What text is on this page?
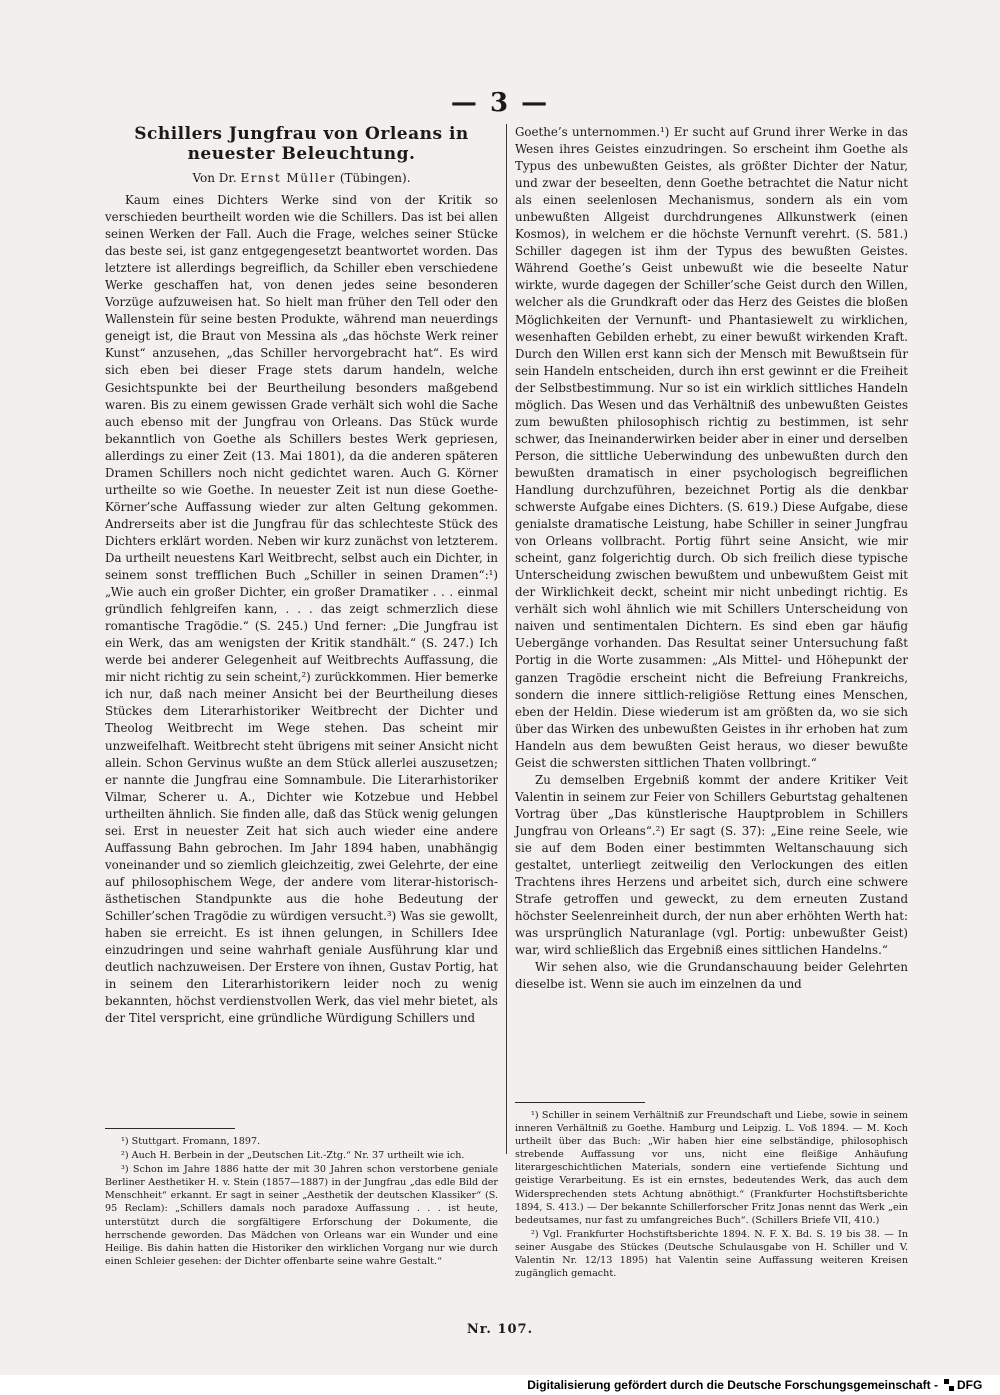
— 3 —
Schillers Jungfrau von Orleans in neuester Beleuchtung.
Von Dr. Ernst Müller (Tübingen).

Kaum eines Dichters Werke sind von der Kritik so verschieden beurtheilt worden wie die Schillers. Das ist bei allen seinen Werken der Fall. Auch die Frage, welches seiner Stücke das beste sei, ist ganz entgegengesetzt beantwortet worden. Das letztere ist allerdings begreiflich, da Schiller eben verschiedene Werke geschaffen hat, von denen jedes seine besonderen Vorzüge aufzuweisen hat. So hielt man früher den Tell oder den Wallenstein für seine besten Produkte, während man neuerdings geneigt ist, die Braut von Messina als „das höchste Werk reiner Kunst“ anzusehen, „das Schiller hervorgebracht hat“. Es wird sich eben bei dieser Frage stets darum handeln, welche Gesichtspunkte bei der Beurtheilung besonders maßgebend waren. Bis zu einem gewissen Grade verhält sich wohl die Sache auch ebenso mit der Jungfrau von Orleans. Das Stück wurde bekanntlich von Goethe als Schillers bestes Werk gepriesen, allerdings zu einer Zeit (13. Mai 1801), da die anderen späteren Dramen Schillers noch nicht gedichtet waren. Auch G. Körner urtheilte so wie Goethe. In neuester Zeit ist nun diese Goethe-Körner’sche Auffassung wieder zur alten Geltung gekommen. Andrerseits aber ist die Jungfrau für das schlechteste Stück des Dichters erklärt worden. Neben wir kurz zunächst von letzterem. Da urtheilt neuestens Karl Weitbrecht, selbst auch ein Dichter, in seinem sonst trefflichen Buch „Schiller in seinen Dramen“:¹) „Wie auch ein großer Dichter, ein großer Dramatiker . . . einmal gründlich fehlgreifen kann, . . . das zeigt schmerzlich diese romantische Tragödie.“ (S. 245.) Und ferner: „Die Jungfrau ist ein Werk, das am wenigsten der Kritik standhält.“ (S. 247.) Ich werde bei anderer Gelegenheit auf Weitbrechts Auffassung, die mir nicht richtig zu sein scheint,²) zurückkommen. Hier bemerke ich nur, daß nach meiner Ansicht bei der Beurtheilung dieses Stückes dem Literarhistoriker Weitbrecht der Dichter und Theolog Weitbrecht im Wege stehen. Das scheint mir unzweifelhaft. Weitbrecht steht übrigens mit seiner Ansicht nicht allein. Schon Gervinus wußte an dem Stück allerlei auszusetzen; er nannte die Jungfrau eine Somnambule. Die Literarhistoriker Vilmar, Scherer u. A., Dichter wie Kotzebue und Hebbel urtheilten ähnlich. Sie finden alle, daß das Stück wenig gelungen sei. Erst in neuester Zeit hat sich auch wieder eine andere Auffassung Bahn gebrochen. Im Jahr 1894 haben, unabhängig voneinander und so ziemlich gleichzeitig, zwei Gelehrte, der eine auf philosophischem Wege, der andere vom literar-historisch-ästhetischen Standpunkte aus die hohe Bedeutung der Schiller’schen Tragödie zu würdigen versucht.³) Was sie gewollt, haben sie erreicht. Es ist ihnen gelungen, in Schillers Idee einzudringen und seine wahrhaft geniale Ausführung klar und deutlich nachzuweisen. Der Erstere von ihnen, Gustav Portig, hat in seinem den Literarhistorikern leider noch zu wenig bekannten, höchst verdienstvollen Werk, das viel mehr bietet, als der Titel verspricht, eine gründliche Würdigung Schillers und

Goethe’s unternommen.¹) Er sucht auf Grund ihrer Werke in das Wesen ihres Geistes einzudringen. So erscheint ihm Goethe als Typus des unbewußten Geistes, als größter Dichter der Natur, und zwar der beseelten, denn Goethe betrachtet die Natur nicht als einen seelenlosen Mechanismus, sondern als ein vom unbewußten Allgeist durchdrungenes Allkunstwerk (einen Kosmos), in welchem er die höchste Vernunft verehrt. (S. 581.) Schiller dagegen ist ihm der Typus des bewußten Geistes. Während Goethe’s Geist unbewußt wie die beseelte Natur wirkte, wurde dagegen der Schiller’sche Geist durch den Willen, welcher als die Grundkraft oder das Herz des Geistes die bloßen Möglichkeiten der Vernunft- und Phantasiewelt zu wirklichen, wesenhaften Gebilden erhebt, zu einer bewußt wirkenden Kraft. Durch den Willen erst kann sich der Mensch mit Bewußtsein für sein Handeln entscheiden, durch ihn erst gewinnt er die Freiheit der Selbstbestimmung. Nur so ist ein wirklich sittliches Handeln möglich. Das Wesen und das Verhältniß des unbewußten Geistes zum bewußten philosophisch richtig zu bestimmen, ist sehr schwer, das Ineinanderwirken beider aber in einer und derselben Person, die sittliche Ueberwindung des unbewußten durch den bewußten dramatisch in einer psychologisch begreiflichen Handlung durchzuführen, bezeichnet Portig als die denkbar schwerste Aufgabe eines Dichters. (S. 619.) Diese Aufgabe, diese genialste dramatische Leistung, habe Schiller in seiner Jungfrau von Orleans vollbracht. Portig führt seine Ansicht, wie mir scheint, ganz folgerichtig durch. Ob sich freilich diese typische Unterscheidung zwischen bewußtem und unbewußtem Geist mit der Wirklichkeit deckt, scheint mir nicht unbedingt richtig. Es verhält sich wohl ähnlich wie mit Schillers Unterscheidung von naiven und sentimentalen Dichtern. Es sind eben gar häufig Uebergänge vorhanden. Das Resultat seiner Untersuchung faßt Portig in die Worte zusammen: „Als Mittel- und Höhepunkt der ganzen Tragödie erscheint nicht die Befreiung Frankreichs, sondern die innere sittlich-religiöse Rettung eines Menschen, eben der Heldin. Diese wiederum ist am größten da, wo sie sich über das Wirken des unbewußten Geistes in ihr erhoben hat zum Handeln aus dem bewußten Geist heraus, wo dieser bewußte Geist die schwersten sittlichen Thaten vollbringt.“

Zu demselben Ergebniß kommt der andere Kritiker Veit Valentin in seinem zur Feier von Schillers Geburtstag gehaltenen Vortrag über „Das künstlerische Hauptproblem in Schillers Jungfrau von Orleans“.²) Er sagt (S. 37): „Eine reine Seele, wie sie auf dem Boden einer bestimmten Weltanschauung sich gestaltet, unterliegt zeitweilig den Verlockungen des eitlen Trachtens ihres Herzens und arbeitet sich, durch eine schwere Strafe getroffen und geweckt, zu dem erneuten Zustand höchster Seelenreinheit durch, der nun aber erhöhten Werth hat: was ursprünglich Naturanlage (vgl. Portig: unbewußter Geist) war, wird schließlich das Ergebniß eines sittlichen Handelns.“

Wir sehen also, wie die Grundanschauung beider Gelehrten dieselbe ist. Wenn sie auch im einzelnen da und

¹) Stuttgart. Fromann, 1897.

²) Auch H. Berbein in der „Deutschen Lit.-Ztg.“ Nr. 37 urtheilt wie ich.

³) Schon im Jahre 1886 hatte der mit 30 Jahren schon verstorbene geniale Berliner Aesthetiker H. v. Stein (1857—1887) in der Jungfrau „das edle Bild der Menschheit“ erkannt. Er sagt in seiner „Aesthetik der deutschen Klassiker“ (S. 95 Reclam): „Schillers damals noch paradoxe Auffassung . . . ist heute, unterstützt durch die sorgfältigere Erforschung der Dokumente, die herrschende geworden. Das Mädchen von Orleans war ein Wunder und eine Heilige. Bis dahin hatten die Historiker den wirklichen Vorgang nur wie durch einen Schleier gesehen: der Dichter offenbarte seine wahre Gestalt.“

¹) Schiller in seinem Verhältniß zur Freundschaft und Liebe, sowie in seinem inneren Verhältniß zu Goethe. Hamburg und Leipzig. L. Voß 1894. — M. Koch urtheilt über das Buch: „Wir haben hier eine selbständige, philosophisch strebende Auffassung vor uns, nicht eine fleißige Anhäufung literargeschichtlichen Materials, sondern eine vertiefende Sichtung und geistige Verarbeitung. Es ist ein ernstes, bedeutendes Werk, das auch dem Widersprechenden stets Achtung abnöthigt.“ (Frankfurter Hochstiftsberichte 1894, S. 413.) — Der bekannte Schillerforscher Fritz Jonas nennt das Werk „ein bedeutsames, nur fast zu umfangreiches Buch“. (Schillers Briefe VII, 410.)

²) Vgl. Frankfurter Hochstiftsberichte 1894. N. F. X. Bd. S. 19 bis 38. — In seiner Ausgabe des Stückes (Deutsche Schulausgabe von H. Schiller und V. Valentin Nr. 12/13 1895) hat Valentin seine Auffassung weiteren Kreisen zugänglich gemacht.

Nr. 107.
Digitalisierung gefördert durch die Deutsche Forschungsgemeinschaft - DFG
